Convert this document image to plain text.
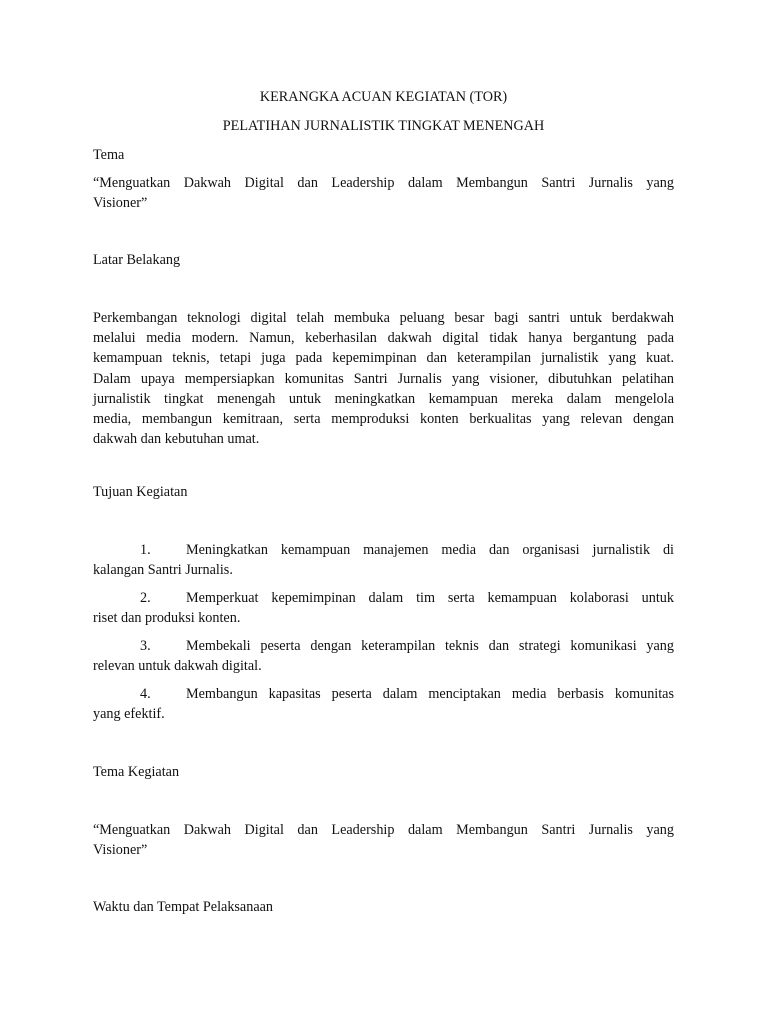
KERANGKA ACUAN KEGIATAN (TOR)
PELATIHAN JURNALISTIK TINGKAT MENENGAH
Tema
“Menguatkan Dakwah Digital dan Leadership dalam Membangun Santri Jurnalis yang
Visioner”
Latar Belakang
Perkembangan teknologi digital telah membuka peluang besar bagi santri untuk berdakwah
melalui media modern. Namun, keberhasilan dakwah digital tidak hanya bergantung pada
kemampuan teknis, tetapi juga pada kepemimpinan dan keterampilan jurnalistik yang kuat.
Dalam upaya mempersiapkan komunitas Santri Jurnalis yang visioner, dibutuhkan pelatihan
jurnalistik tingkat menengah untuk meningkatkan kemampuan mereka dalam mengelola
media, membangun kemitraan, serta memproduksi konten berkualitas yang relevan dengan
dakwah dan kebutuhan umat.
Tujuan Kegiatan
1. Meningkatkan kemampuan manajemen media dan organisasi jurnalistik di
kalangan Santri Jurnalis.
2. Memperkuat kepemimpinan dalam tim serta kemampuan kolaborasi untuk
riset dan produksi konten.
3. Membekali peserta dengan keterampilan teknis dan strategi komunikasi yang
relevan untuk dakwah digital.
4. Membangun kapasitas peserta dalam menciptakan media berbasis komunitas
yang efektif.
Tema Kegiatan
“Menguatkan Dakwah Digital dan Leadership dalam Membangun Santri Jurnalis yang
Visioner”
Waktu dan Tempat Pelaksanaan
